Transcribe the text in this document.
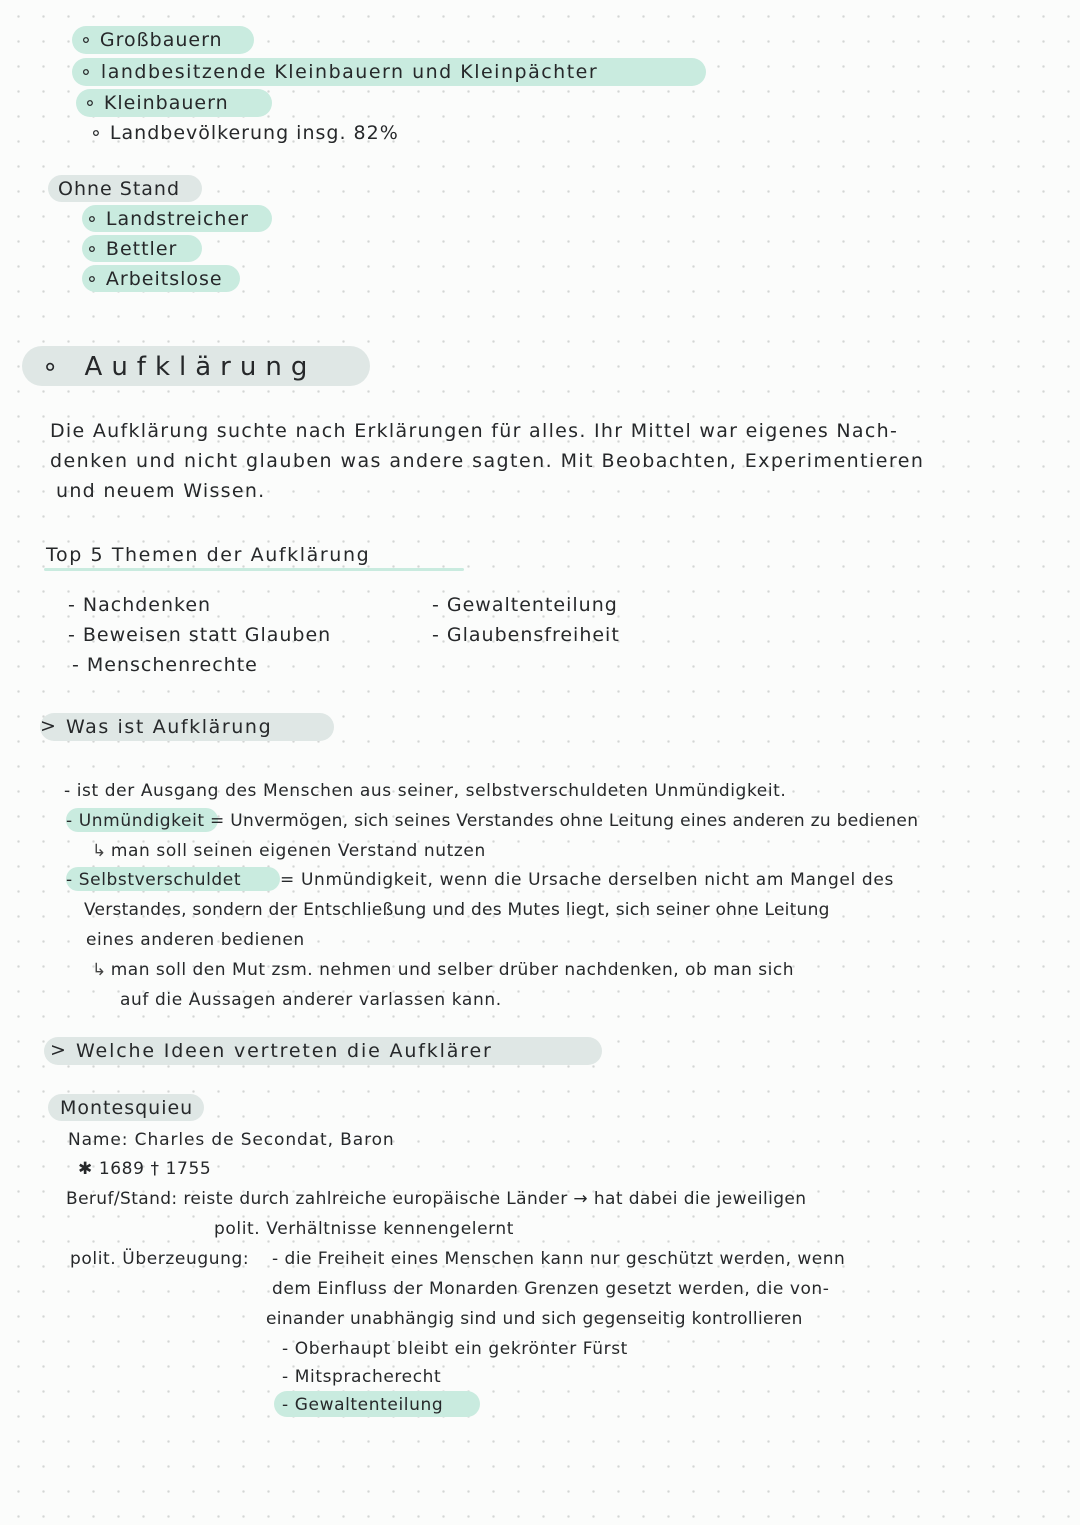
∘ Großbauern
∘ landbesitzende Kleinbauern und Kleinpächter
∘ Kleinbauern
∘ Landbevölkerung insg. 82%
Ohne Stand
∘ Landstreicher
∘ Bettler
∘ Arbeitslose
∘ Aufklärung
Die Aufklärung suchte nach Erklärungen für alles. Ihr Mittel war eigenes Nach-
denken und nicht glauben was andere sagten. Mit Beobachten, Experimentieren
und neuem Wissen.
Top 5 Themen der Aufklärung
- Nachdenken
- Beweisen statt Glauben
- Menschenrechte
- Gewaltenteilung
- Glaubensfreiheit
> Was ist Aufklärung
- ist der Ausgang des Menschen aus seiner, selbstverschuldeten Unmündigkeit.
- Unmündigkeit = Unvermögen, sich seines Verstandes ohne Leitung eines anderen zu bedienen
↳ man soll seinen eigenen Verstand nutzen
- Selbstverschuldet = Unmündigkeit, wenn die Ursache derselben nicht am Mangel des
Verstandes, sondern der Entschließung und des Mutes liegt, sich seiner ohne Leitung
eines anderen bedienen
↳ man soll den Mut zsm. nehmen und selber drüber nachdenken, ob man sich
auf die Aussagen anderer varlassen kann.
> Welche Ideen vertreten die Aufklärer
Montesquieu
Name: Charles de Secondat, Baron
✱ 1689 † 1755
Beruf/Stand: reiste durch zahlreiche europäische Länder → hat dabei die jeweiligen
polit. Verhältnisse kennengelernt
polit. Überzeugung: - die Freiheit eines Menschen kann nur geschützt werden, wenn
dem Einfluss der Monarden Grenzen gesetzt werden, die von-
einander unabhängig sind und sich gegenseitig kontrollieren
- Oberhaupt bleibt ein gekrönter Fürst
- Mitspracherecht
- Gewaltenteilung
